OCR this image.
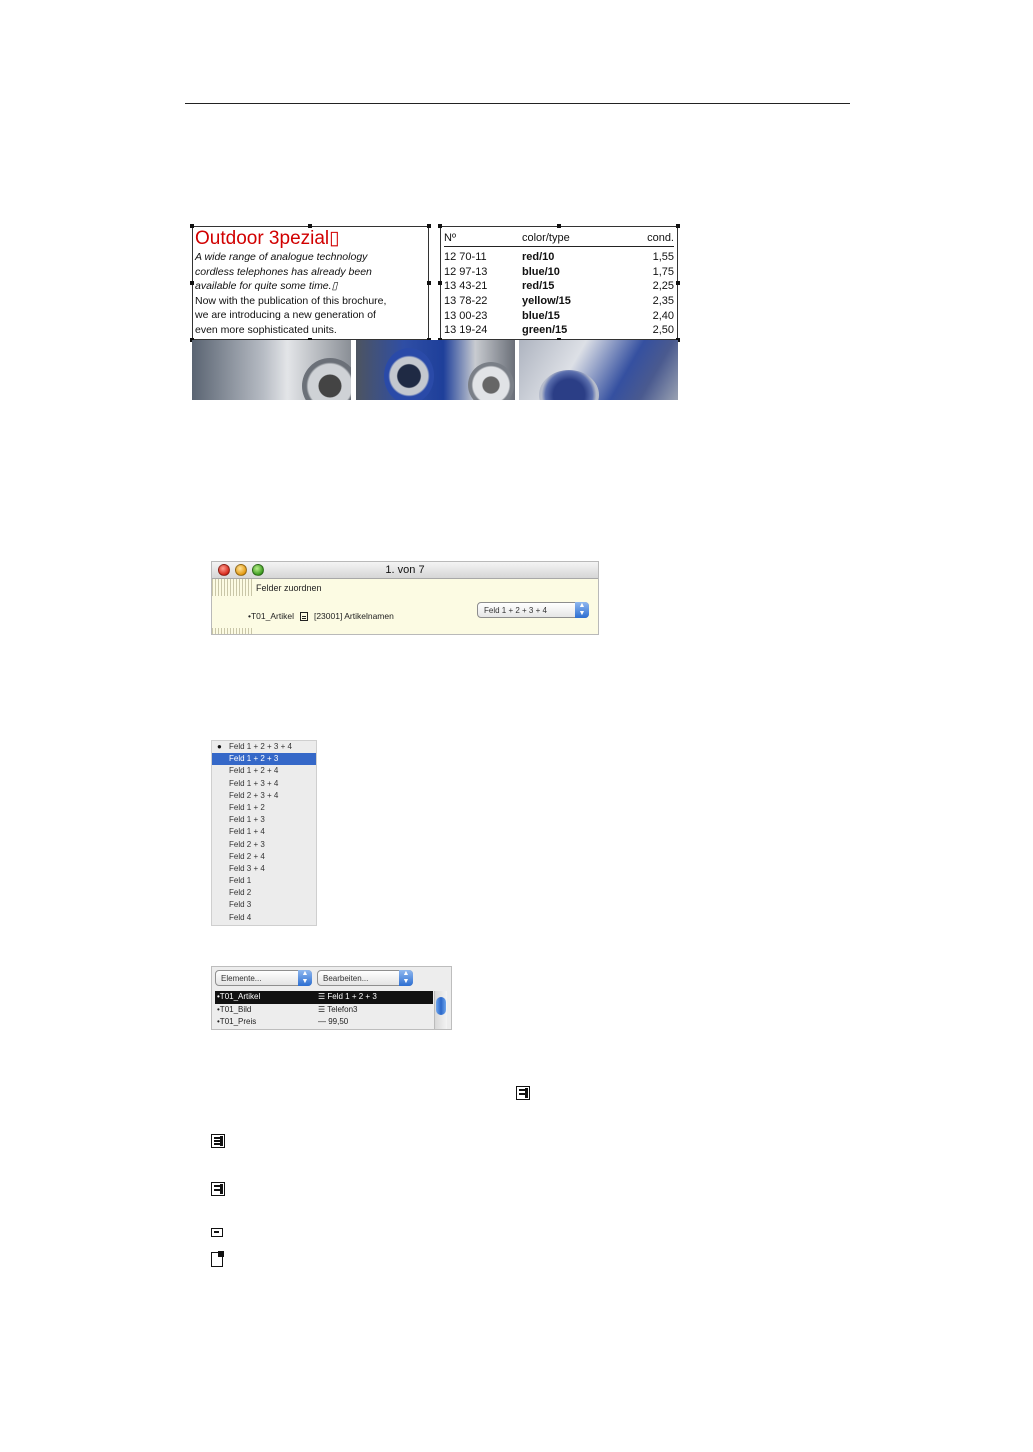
Outdoor 3pezial▯
A wide range of analogue technology
cordless telephones has already been
available for quite some time.▯
Now with the publication of this brochure,
we are introducing a new generation of
even more sophisticated units.
Nº	color/type	cond.
12 70-11	red/10	1,55
12 97-13	blue/10	1,75
13 43-21	red/15	2,25
13 78-22	yellow/15	2,35
13 00-23	blue/15	2,40
13 19-24	green/15	2,50
1. von 7
Felder zuordnen
•T01_Artikel [23001] Artikelnamen
Feld 1 + 2 + 3 + 4
▲
▼
● Feld 1 + 2 + 3 + 4
Feld 1 + 2 + 3
Feld 1 + 2 + 4
Feld 1 + 3 + 4
Feld 2 + 3 + 4
Feld 1 + 2
Feld 1 + 3
Feld 1 + 4
Feld 2 + 3
Feld 2 + 4
Feld 3 + 4
Feld 1
Feld 2
Feld 3
Feld 4
Elemente...
▲
▼	Bearbeiten...
▲
▼
•T01_Artikel	☰ Feld 1 + 2 + 3
•T01_Bild	☰ Telefon3
•T01_Preis	— 99,50
